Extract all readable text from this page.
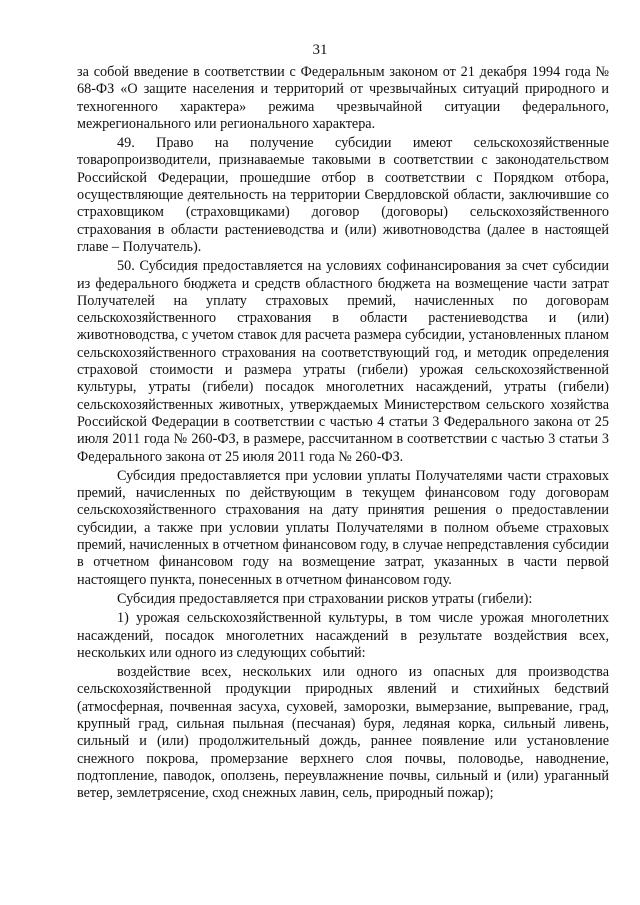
31

за собой введение в соответствии с Федеральным законом от 21 декабря 1994 года № 68-ФЗ «О защите населения и территорий от чрезвычайных ситуаций природного и техногенного характера» режима чрезвычайной ситуации федерального, межрегионального или регионального характера.

49. Право на получение субсидии имеют сельскохозяйственные товаропроизводители, признаваемые таковыми в соответствии с законодательством Российской Федерации, прошедшие отбор в соответствии с Порядком отбора, осуществляющие деятельность на территории Свердловской области, заключившие со страховщиком (страховщиками) договор (договоры) сельскохозяйственного страхования в области растениеводства и (или) животноводства (далее в настоящей главе – Получатель).

50. Субсидия предоставляется на условиях софинансирования за счет субсидии из федерального бюджета и средств областного бюджета на возмещение части затрат Получателей на уплату страховых премий, начисленных по договорам сельскохозяйственного страхования в области растениеводства и (или) животноводства, с учетом ставок для расчета размера субсидии, установленных планом сельскохозяйственного страхования на соответствующий год, и методик определения страховой стоимости и размера утраты (гибели) урожая сельскохозяйственной культуры, утраты (гибели) посадок многолетних насаждений, утраты (гибели) сельскохозяйственных животных, утверждаемых Министерством сельского хозяйства Российской Федерации в соответствии с частью 4 статьи 3 Федерального закона от 25 июля 2011 года № 260-ФЗ, в размере, рассчитанном в соответствии с частью 3 статьи 3 Федерального закона от 25 июля 2011 года № 260-ФЗ.

Субсидия предоставляется при условии уплаты Получателями части страховых премий, начисленных по действующим в текущем финансовом году договорам сельскохозяйственного страхования на дату принятия решения о предоставлении субсидии, а также при условии уплаты Получателями в полном объеме страховых премий, начисленных в отчетном финансовом году, в случае непредставления субсидии в отчетном финансовом году на возмещение затрат, указанных в части первой настоящего пункта, понесенных в отчетном финансовом году.

Субсидия предоставляется при страховании рисков утраты (гибели):

1) урожая сельскохозяйственной культуры, в том числе урожая многолетних насаждений, посадок многолетних насаждений в результате воздействия всех, нескольких или одного из следующих событий:

воздействие всех, нескольких или одного из опасных для производства сельскохозяйственной продукции природных явлений и стихийных бедствий (атмосферная, почвенная засуха, суховей, заморозки, вымерзание, выпревание, град, крупный град, сильная пыльная (песчаная) буря, ледяная корка, сильный ливень, сильный и (или) продолжительный дождь, раннее появление или установление снежного покрова, промерзание верхнего слоя почвы, половодье, наводнение, подтопление, паводок, оползень, переувлажнение почвы, сильный и (или) ураганный ветер, землетрясение, сход снежных лавин, сель, природный пожар);
